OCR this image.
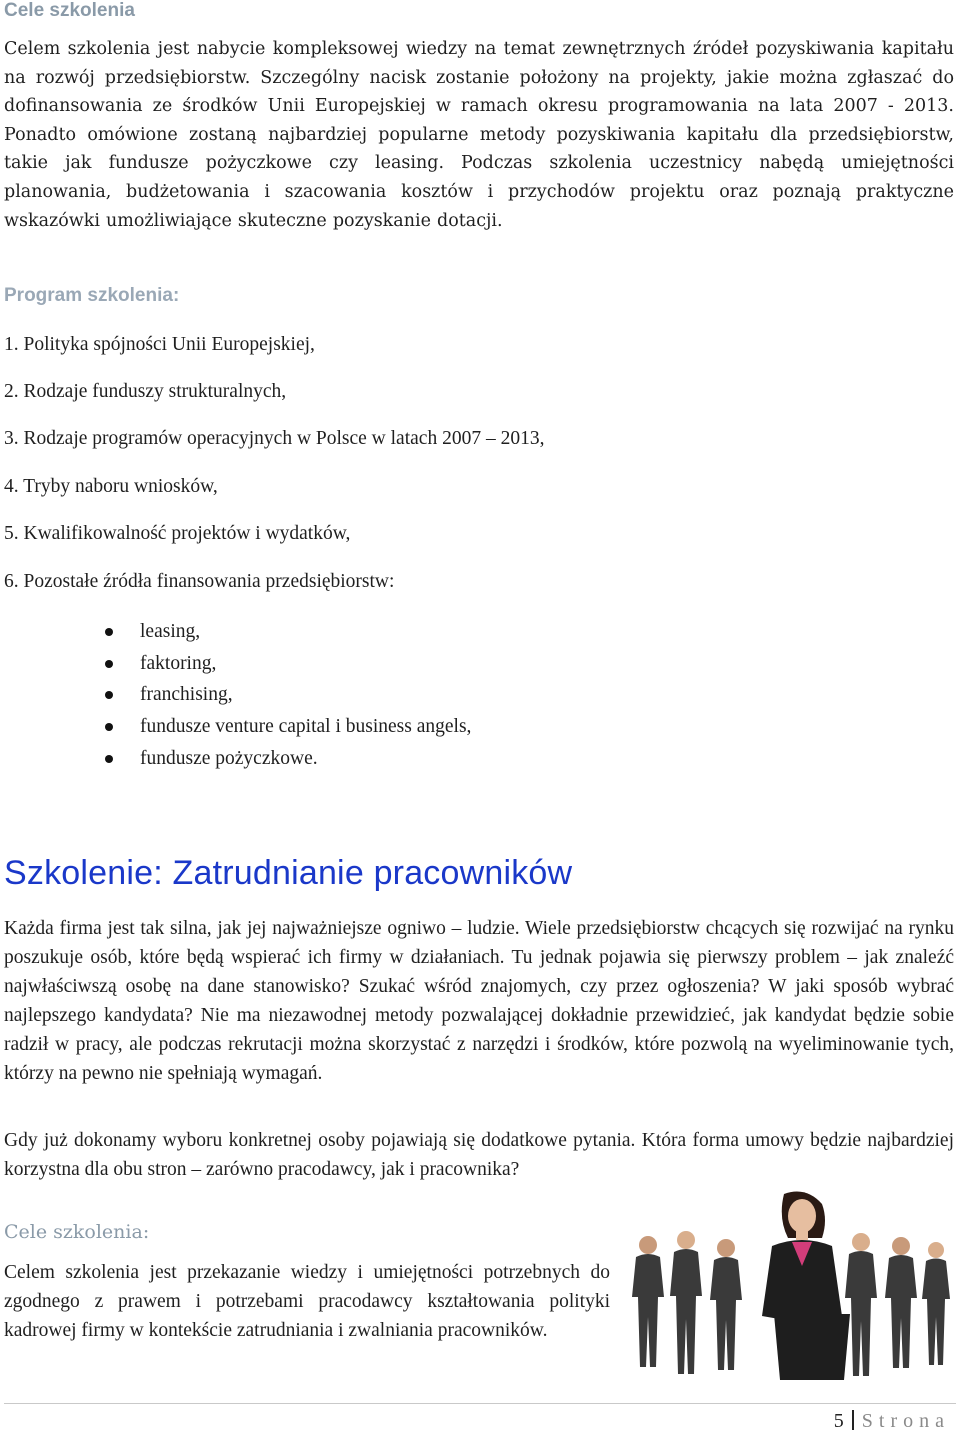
Cele szkolenia
Celem szkolenia jest nabycie kompleksowej wiedzy na temat zewnętrznych źródeł pozyskiwania kapitału na rozwój przedsiębiorstw. Szczególny nacisk zostanie położony na projekty, jakie można zgłaszać do dofinansowania ze środków Unii Europejskiej w ramach okresu programowania na lata 2007 - 2013. Ponadto omówione zostaną najbardziej popularne metody pozyskiwania kapitału dla przedsiębiorstw, takie jak fundusze pożyczkowe czy leasing. Podczas szkolenia uczestnicy nabędą umiejętności planowania, budżetowania i szacowania kosztów i przychodów projektu oraz poznają praktyczne wskazówki umożliwiające skuteczne pozyskanie dotacji.
Program szkolenia:
1. Polityka spójności Unii Europejskiej,
2. Rodzaje funduszy strukturalnych,
3. Rodzaje programów operacyjnych w Polsce w latach 2007 – 2013,
4. Tryby naboru wniosków,
5. Kwalifikowalność projektów i wydatków,
6. Pozostałe źródła finansowania przedsiębiorstw:
leasing,
faktoring,
franchising,
fundusze venture capital i business angels,
fundusze pożyczkowe.
Szkolenie: Zatrudnianie pracowników
Każda firma jest tak silna, jak jej najważniejsze ogniwo – ludzie. Wiele przedsiębiorstw chcących się rozwijać na rynku poszukuje osób, które będą wspierać ich firmy w działaniach. Tu jednak pojawia się pierwszy problem – jak znaleźć najwłaściwszą osobę na dane stanowisko? Szukać wśród znajomych, czy przez ogłoszenia? W jaki sposób wybrać najlepszego kandydata? Nie ma niezawodnej metody pozwalającej dokładnie przewidzieć, jak kandydat będzie sobie radził w pracy, ale podczas rekrutacji można skorzystać z narzędzi i środków, które pozwolą na wyeliminowanie tych, którzy na pewno nie spełniają wymagań.
Gdy już dokonamy wyboru konkretnej osoby pojawiają się dodatkowe pytania. Która forma umowy będzie najbardziej korzystna dla obu stron – zarówno pracodawcy, jak i pracownika?
Cele szkolenia:
Celem szkolenia jest przekazanie wiedzy i umiejętności potrzebnych do zgodnego z prawem i potrzebami pracodawcy kształtowania polityki kadrowej firmy w kontekście zatrudniania i zwalniania pracowników.
5 Strona
